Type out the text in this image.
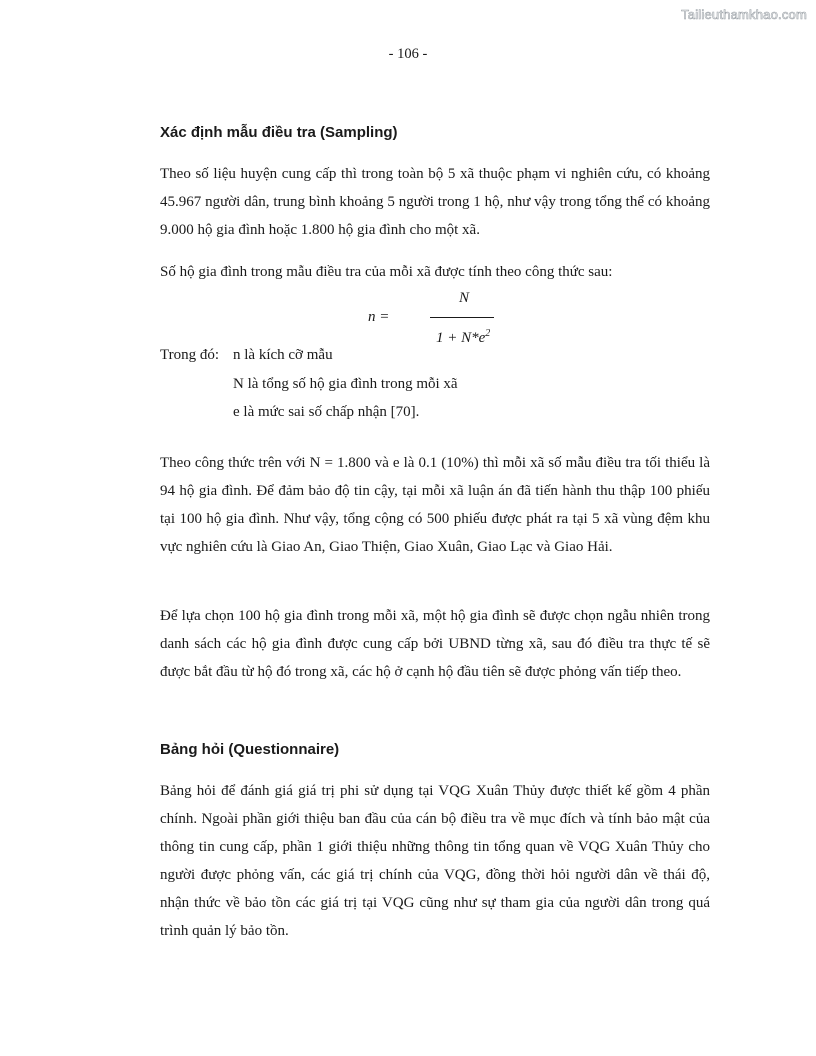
Tailieuthamkhao.com
- 106 -
Xác định mẫu điều tra (Sampling)

Theo số liệu huyện cung cấp thì trong toàn bộ 5 xã thuộc phạm vi nghiên cứu, có khoảng 45.967 người dân, trung bình khoảng 5 người trong 1 hộ, như vậy trong tổng thể có khoảng 9.000 hộ gia đình hoặc 1.800 hộ gia đình cho một xã.

Số hộ gia đình trong mẫu điều tra của mỗi xã được tính theo công thức sau:
n =
N
$1 + N*e^2$
Trong đó: n là kích cỡ mẫu
N là tổng số hộ gia đình trong mỗi xã
e là mức sai số chấp nhận [70].

Theo công thức trên với N = 1.800 và e là 0.1 (10%) thì mỗi xã số mẫu điều tra tối thiểu là 94 hộ gia đình. Để đảm bảo độ tin cậy, tại mỗi xã luận án đã tiến hành thu thập 100 phiếu tại 100 hộ gia đình. Như vậy, tổng cộng có 500 phiếu được phát ra tại 5 xã vùng đệm khu vực nghiên cứu là Giao An, Giao Thiện, Giao Xuân, Giao Lạc và Giao Hải.

Để lựa chọn 100 hộ gia đình trong mỗi xã, một hộ gia đình sẽ được chọn ngẫu nhiên trong danh sách các hộ gia đình được cung cấp bởi UBND từng xã, sau đó điều tra thực tế sẽ được bắt đầu từ hộ đó trong xã, các hộ ở cạnh hộ đầu tiên sẽ được phỏng vấn tiếp theo.

Bảng hỏi (Questionnaire)

Bảng hỏi để đánh giá giá trị phi sử dụng tại VQG Xuân Thủy được thiết kế gồm 4 phần chính. Ngoài phần giới thiệu ban đầu của cán bộ điều tra về mục đích và tính bảo mật của thông tin cung cấp, phần 1 giới thiệu những thông tin tổng quan về VQG Xuân Thủy cho người được phỏng vấn, các giá trị chính của VQG, đồng thời hỏi người dân về thái độ, nhận thức về bảo tồn các giá trị tại VQG cũng như sự tham gia của người dân trong quá trình quản lý bảo tồn.
